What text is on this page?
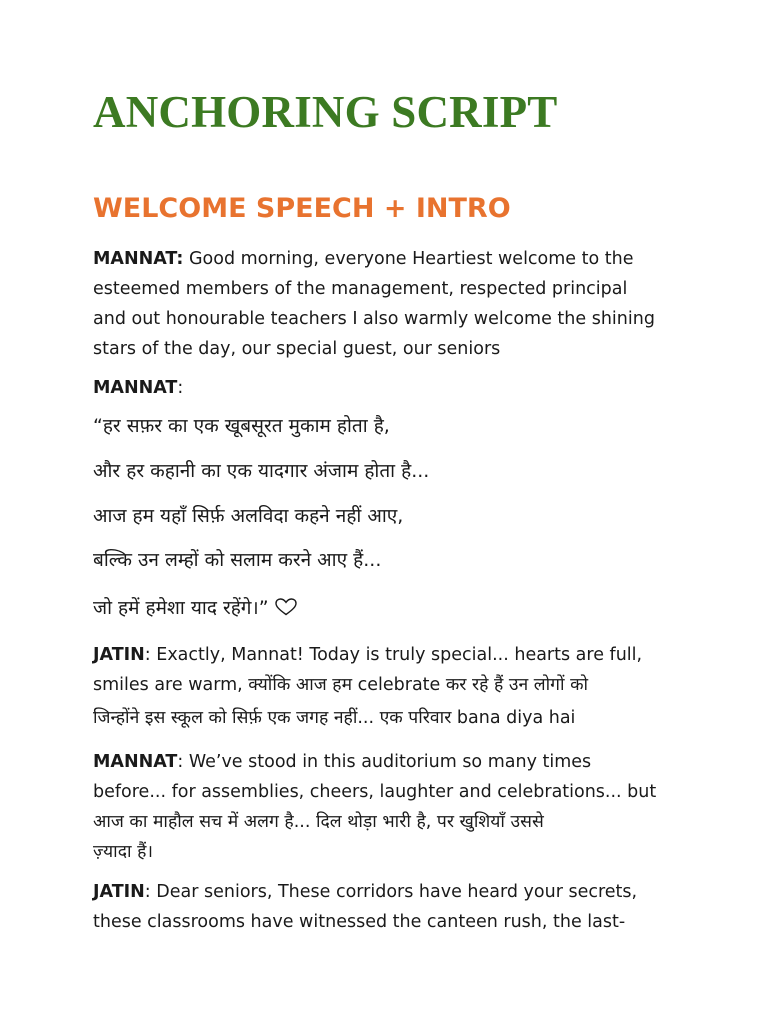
ANCHORING SCRIPT
WELCOME SPEECH + INTRO
MANNAT: Good morning, everyone Heartiest welcome to the
esteemed members of the management, respected principal
and out honourable teachers I also warmly welcome the shining
stars of the day, our special guest, our seniors
MANNAT:

“हर सफ़र का एक खूबसूरत मुकाम होता है,

और हर कहानी का एक यादगार अंजाम होता है...

आज हम यहाँ सिर्फ़ अलविदा कहने नहीं आए,

बल्कि उन लम्हों को सलाम करने आए हैं...

जो हमें हमेशा याद रहेंगे।”

JATIN: Exactly, Mannat! Today is truly special... hearts are full,
smiles are warm, क्योंकि आज हम celebrate कर रहे हैं उन लोगों को
जिन्होंने इस स्कूल को सिर्फ़ एक जगह नहीं... एक परिवार bana diya hai
MANNAT: We’ve stood in this auditorium so many times
before... for assemblies, cheers, laughter and celebrations... but
आज का माहौल सच में अलग है... दिल थोड़ा भारी है, पर खुशियाँ उससे
ज़्यादा हैं।
JATIN: Dear seniors, These corridors have heard your secrets,
these classrooms have witnessed the canteen rush, the last-
